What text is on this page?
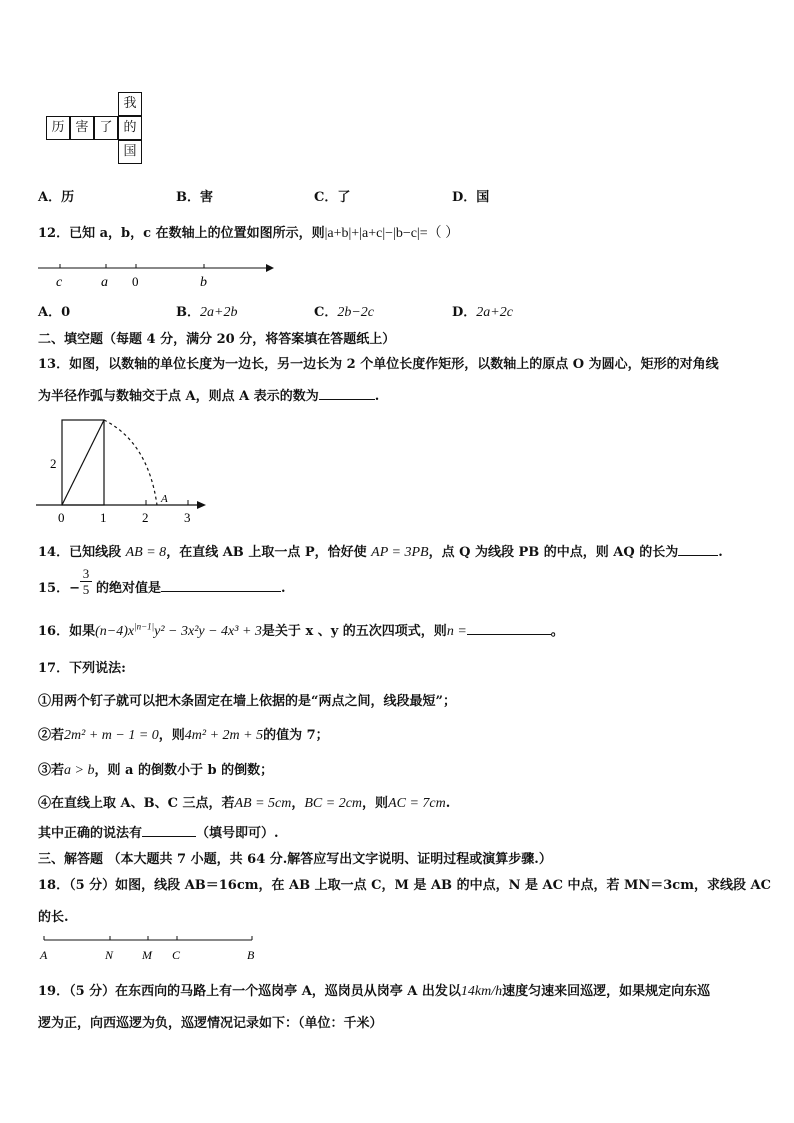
我
历 害 了 的
国
A．历	B．害	C．了	D．国
12．已知 a，b，c 在数轴上的位置如图所示，则|a+b|+|a+c|−|b−c|=（ ）
c	a 0	b
A．0	B．2a+2b	C．2b−2c	D．2a+2c
二、填空题（每题 4 分，满分 20 分，将答案填在答题纸上）
13．如图，以数轴的单位长度为一边长，另一边长为 2 个单位长度作矩形，以数轴上的原点 O 为圆心，矩形的对角线
为半径作弧与数轴交于点 A，则点 A 表示的数为	.
2
0	1	2	3
A
14．已知线段 AB = 8，在直线 AB 上取一点 P，恰好使 AP = 3PB，点 Q 为线段 PB 的中点，则 AQ 的长为	.
15．− $\frac{3}{5}$ 的绝对值是	.
16．如果$(n-4)x^{|n-1|}y^2 - 3x^2y - 4x^3 + 3$是关于 x 、y 的五次四项式，则n =	。
17．下列说法:
①用两个钉子就可以把木条固定在墙上依据的是“两点之间，线段最短”；
②若2m² + m − 1 = 0，则4m² + 2m + 5的值为 7；
③若a > b，则 a 的倒数小于 b 的倒数；
④在直线上取 A、B、C 三点，若AB = 5cm，BC = 2cm，则AC = 7cm.
其中正确的说法有	（填号即可）.
三、解答题 （本大题共 7 小题，共 64 分.解答应写出文字说明、证明过程或演算步骤.）
18．（5 分）如图，线段 AB＝16cm，在 AB 上取一点 C，M 是 AB 的中点，N 是 AC 中点，若 MN＝3cm，求线段 AC
的长.
A	N M C	B
19．（5 分）在东西向的马路上有一个巡岗亭 A，巡岗员从岗亭 A 出发以14km/h速度匀速来回巡逻，如果规定向东巡
逻为正，向西巡逻为负，巡逻情况记录如下：（单位：千米）
